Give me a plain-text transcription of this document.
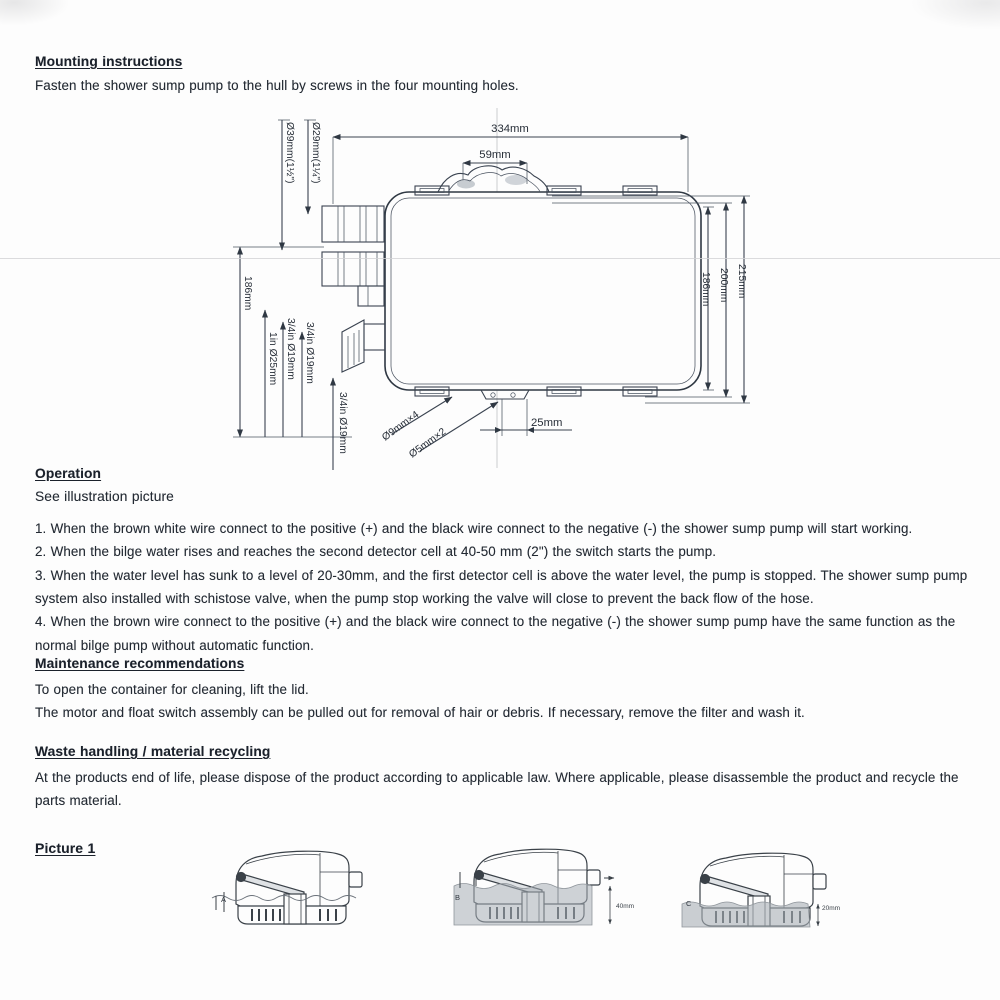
Mounting instructions

Fasten the shower sump pump to the hull by screws in the four mounting holes.

334mm
59mm
Ø39mm(1½") Ø29mm(1¼")
186mm
1in Ø25mm 3/4in Ø19mm 3/4in Ø19mm
3/4in Ø19mm
186mm 200mm 215mm
Ø9mm×4
Ø5mm×2
25mm

Operation

See illustration picture

1. When the brown white wire connect to the positive (+) and the black wire connect to the negative (-) the shower sump pump will start working.

2. When the bilge water rises and reaches the second detector cell at 40-50 mm (2") the switch starts the pump.

3. When the water level has sunk to a level of 20-30mm, and the first detector cell is above the water level, the pump is stopped. The shower sump pump system also installed with schistose valve, when the pump stop working the valve will close to prevent the back flow of the hose.

4. When the brown wire connect to the positive (+) and the black wire connect to the negative (-) the shower sump pump have the same function as the normal bilge pump without automatic function.

Maintenance recommendations

To open the container for cleaning, lift the lid.

The motor and float switch assembly can be pulled out for removal of hair or debris. If necessary, remove the filter and wash it.

Waste handling / material recycling

At the products end of life, please dispose of the product according to applicable law. Where applicable, please disassemble the product and recycle the parts material.

Picture 1

A	B
40mm	C
20mm
